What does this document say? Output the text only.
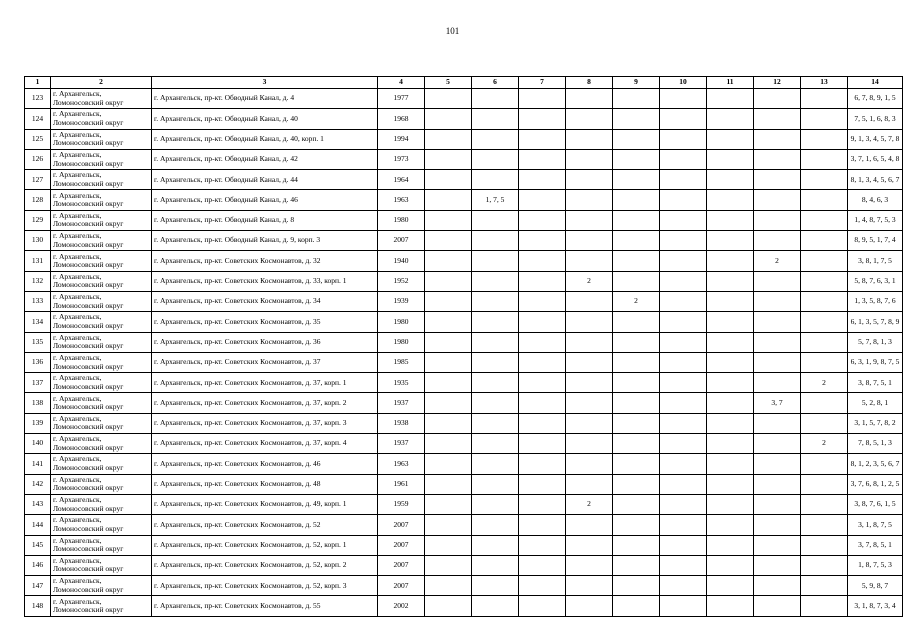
101
1	2	3	4	5	6	7	8	9	10	11	12	13	14
123	г. Архангельск, Ломоносовский округ	г. Архангельск, пр-кт. Обводный Канал, д. 4	1977										6, 7, 8, 9, 1, 5
124	г. Архангельск, Ломоносовский округ	г. Архангельск, пр-кт. Обводный Канал, д. 40	1968										7, 5, 1, 6, 8, 3
125	г. Архангельск, Ломоносовский округ	г. Архангельск, пр-кт. Обводный Канал, д. 40, корп. 1	1994										9, 1, 3, 4, 5, 7, 8
126	г. Архангельск, Ломоносовский округ	г. Архангельск, пр-кт. Обводный Канал, д. 42	1973										3, 7, 1, 6, 5, 4, 8
127	г. Архангельск, Ломоносовский округ	г. Архангельск, пр-кт. Обводный Канал, д. 44	1964										8, 1, 3, 4, 5, 6, 7
128	г. Архангельск, Ломоносовский округ	г. Архангельск, пр-кт. Обводный Канал, д. 46	1963		1, 7, 5								8, 4, 6, 3
129	г. Архангельск, Ломоносовский округ	г. Архангельск, пр-кт. Обводный Канал, д. 8	1980										1, 4, 8, 7, 5, 3
130	г. Архангельск, Ломоносовский округ	г. Архангельск, пр-кт. Обводный Канал, д. 9, корп. 3	2007										8, 9, 5, 1, 7, 4
131	г. Архангельск, Ломоносовский округ	г. Архангельск, пр-кт. Советских Космонавтов, д. 32	1940								2		3, 8, 1, 7, 5
132	г. Архангельск, Ломоносовский округ	г. Архангельск, пр-кт. Советских Космонавтов, д. 33, корп. 1	1952				2						5, 8, 7, 6, 3, 1
133	г. Архангельск, Ломоносовский округ	г. Архангельск, пр-кт. Советских Космонавтов, д. 34	1939					2					1, 3, 5, 8, 7, 6
134	г. Архангельск, Ломоносовский округ	г. Архангельск, пр-кт. Советских Космонавтов, д. 35	1980										6, 1, 3, 5, 7, 8, 9
135	г. Архангельск, Ломоносовский округ	г. Архангельск, пр-кт. Советских Космонавтов, д. 36	1980										5, 7, 8, 1, 3
136	г. Архангельск, Ломоносовский округ	г. Архангельск, пр-кт. Советских Космонавтов, д. 37	1985										6, 3, 1, 9, 8, 7, 5
137	г. Архангельск, Ломоносовский округ	г. Архангельск, пр-кт. Советских Космонавтов, д. 37, корп. 1	1935									2	3, 8, 7, 5, 1
138	г. Архангельск, Ломоносовский округ	г. Архангельск, пр-кт. Советских Космонавтов, д. 37, корп. 2	1937								3, 7		5, 2, 8, 1
139	г. Архангельск, Ломоносовский округ	г. Архангельск, пр-кт. Советских Космонавтов, д. 37, корп. 3	1938										3, 1, 5, 7, 8, 2
140	г. Архангельск, Ломоносовский округ	г. Архангельск, пр-кт. Советских Космонавтов, д. 37, корп. 4	1937									2	7, 8, 5, 1, 3
141	г. Архангельск, Ломоносовский округ	г. Архангельск, пр-кт. Советских Космонавтов, д. 46	1963										8, 1, 2, 3, 5, 6, 7
142	г. Архангельск, Ломоносовский округ	г. Архангельск, пр-кт. Советских Космонавтов, д. 48	1961										3, 7, 6, 8, 1, 2, 5
143	г. Архангельск, Ломоносовский округ	г. Архангельск, пр-кт. Советских Космонавтов, д. 49, корп. 1	1959				2						3, 8, 7, 6, 1, 5
144	г. Архангельск, Ломоносовский округ	г. Архангельск, пр-кт. Советских Космонавтов, д. 52	2007										3, 1, 8, 7, 5
145	г. Архангельск, Ломоносовский округ	г. Архангельск, пр-кт. Советских Космонавтов, д. 52, корп. 1	2007										3, 7, 8, 5, 1
146	г. Архангельск, Ломоносовский округ	г. Архангельск, пр-кт. Советских Космонавтов, д. 52, корп. 2	2007										1, 8, 7, 5, 3
147	г. Архангельск, Ломоносовский округ	г. Архангельск, пр-кт. Советских Космонавтов, д. 52, корп. 3	2007										5, 9, 8, 7
148	г. Архангельск, Ломоносовский округ	г. Архангельск, пр-кт. Советских Космонавтов, д. 55	2002										3, 1, 8, 7, 3, 4
